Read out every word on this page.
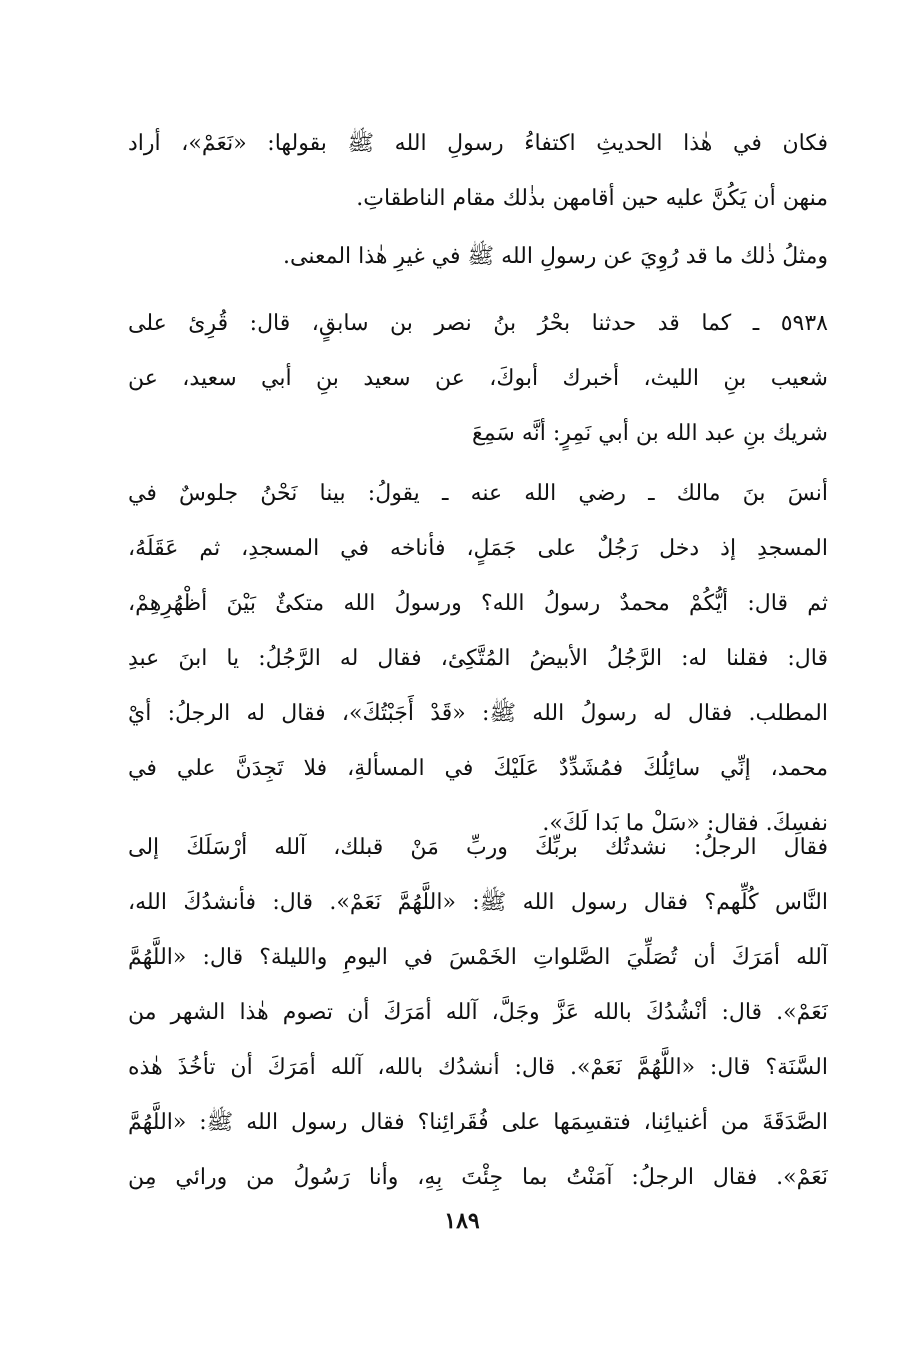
فكان في هٰذا الحديثِ اكتفاءُ رسولِ الله ﷺ بقولها: «نَعَمْ»، أراد
منهن أن يَكُنَّ عليه حين أقامهن بذٰلك مقام الناطقاتِ.
ومثلُ ذٰلك ما قد رُوِيَ عن رسولِ الله ﷺ في غيرِ هٰذا المعنى.
٥٩٣٨ ـ كما قد حدثنا بحْرُ بنُ نصر بن سابقٍ، قال: قُرِئ على
شعيب بنِ الليث، أخبرك أبوكَ، عن سعيد بنِ أبي سعيد، عن
شريك بنِ عبد الله بن أبي نَمِرٍ: أنَّه سَمِعَ
أنسَ بنَ مالك ـ رضي الله عنه ـ يقولُ: بينا نَحْنُ جلوسٌ في
المسجدِ إذ دخل رَجُلٌ على جَمَلٍ، فأناخه في المسجدِ، ثم عَقَلَهُ،
ثم قال: أيُّكُمْ محمدٌ رسولُ الله؟ ورسولُ الله متكئٌ بَيْنَ أظْهُرِهِمْ،
قال: فقلنا له: الرَّجُلُ الأبيضُ المُتَّكِئ، فقال له الرَّجُلُ: يا ابنَ عبدِ
المطلب. فقال له رسولُ الله ﷺ: «قَدْ أَجَبْتُكَ»، فقال له الرجلُ: أيْ
محمد، إنِّي سائِلُكَ فمُشَدِّدٌ عَلَيْكَ في المسألةِ، فلا تَجِدَنَّ علي في
نفسِكَ. فقال: «سَلْ ما بَدا لَكَ».
فقال الرجلُ: نشدتُك بربِّكَ وربِّ مَنْ قبلك، آلله أرْسَلَكَ إلى
النَّاس كُلِّهم؟ فقال رسول الله ﷺ: «اللَّهُمَّ نَعَمْ». قال: فأنشدُكَ الله،
آلله أمَرَكَ أن تُصَلِّيَ الصَّلواتِ الخَمْسَ في اليومِ والليلة؟ قال: «اللَّهُمَّ
نَعَمْ». قال: أنْشُدُكَ بالله عَزَّ وجَلَّ، آلله أمَرَكَ أن تصوم هٰذا الشهر من
السَّنَة؟ قال: «اللَّهُمَّ نَعَمْ». قال: أنشدُك بالله، آلله أمَرَكَ أن تأخُذَ هٰذه
الصَّدَقَةَ من أغنيائِنا، فتقسِمَها على فُقَرائِنا؟ فقال رسول الله ﷺ: «اللَّهُمَّ
نَعَمْ». فقال الرجلُ: آمَنْتُ بما جِئْتَ بِهِ، وأنا رَسُولُ من ورائي مِن
١٨٩
